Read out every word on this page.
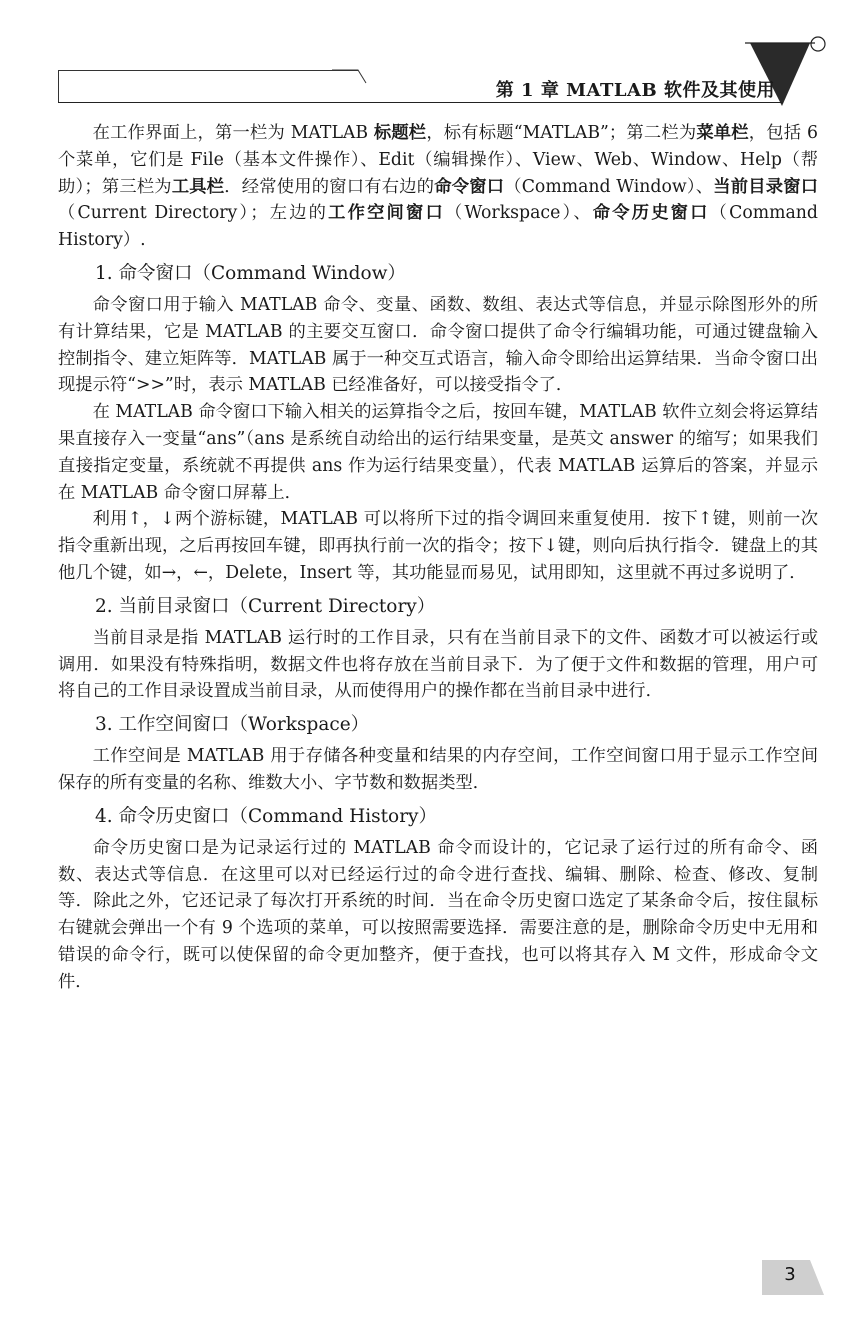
第 1 章 MATLAB 软件及其使用

在工作界面上，第一栏为 MATLAB 标题栏，标有标题“MATLAB”；第二栏为菜单栏，包括 6 个菜单，它们是 File（基本文件操作）、Edit（编辑操作）、View、Web、Window、Help（帮助）；第三栏为工具栏．经常使用的窗口有右边的命令窗口（Command Window）、当前目录窗口（Current Directory）；左边的工作空间窗口（Workspace）、命令历史窗口（Command History）.

1. 命令窗口（Command Window）

命令窗口用于输入 MATLAB 命令、变量、函数、数组、表达式等信息，并显示除图形外的所有计算结果，它是 MATLAB 的主要交互窗口．命令窗口提供了命令行编辑功能，可通过键盘输入控制指令、建立矩阵等．MATLAB 属于一种交互式语言，输入命令即给出运算结果．当命令窗口出现提示符“>>”时，表示 MATLAB 已经准备好，可以接受指令了．

在 MATLAB 命令窗口下输入相关的运算指令之后，按回车键，MATLAB 软件立刻会将运算结果直接存入一变量“ans”（ans 是系统自动给出的运行结果变量，是英文 answer 的缩写；如果我们直接指定变量，系统就不再提供 ans 作为运行结果变量），代表 MATLAB 运算后的答案，并显示在 MATLAB 命令窗口屏幕上．

利用↑，↓两个游标键，MATLAB 可以将所下过的指令调回来重复使用．按下↑键，则前一次指令重新出现，之后再按回车键，即再执行前一次的指令；按下↓键，则向后执行指令．键盘上的其他几个键，如→，←，Delete，Insert 等，其功能显而易见，试用即知，这里就不再过多说明了．

2. 当前目录窗口（Current Directory）

当前目录是指 MATLAB 运行时的工作目录，只有在当前目录下的文件、函数才可以被运行或调用．如果没有特殊指明，数据文件也将存放在当前目录下．为了便于文件和数据的管理，用户可将自己的工作目录设置成当前目录，从而使得用户的操作都在当前目录中进行．

3. 工作空间窗口（Workspace）

工作空间是 MATLAB 用于存储各种变量和结果的内存空间，工作空间窗口用于显示工作空间保存的所有变量的名称、维数大小、字节数和数据类型．

4. 命令历史窗口（Command History）

命令历史窗口是为记录运行过的 MATLAB 命令而设计的，它记录了运行过的所有命令、函数、表达式等信息．在这里可以对已经运行过的命令进行查找、编辑、删除、检查、修改、复制等．除此之外，它还记录了每次打开系统的时间．当在命令历史窗口选定了某条命令后，按住鼠标右键就会弹出一个有 9 个选项的菜单，可以按照需要选择．需要注意的是，删除命令历史中无用和错误的命令行，既可以使保留的命令更加整齐，便于查找，也可以将其存入 M 文件，形成命令文件．

3
